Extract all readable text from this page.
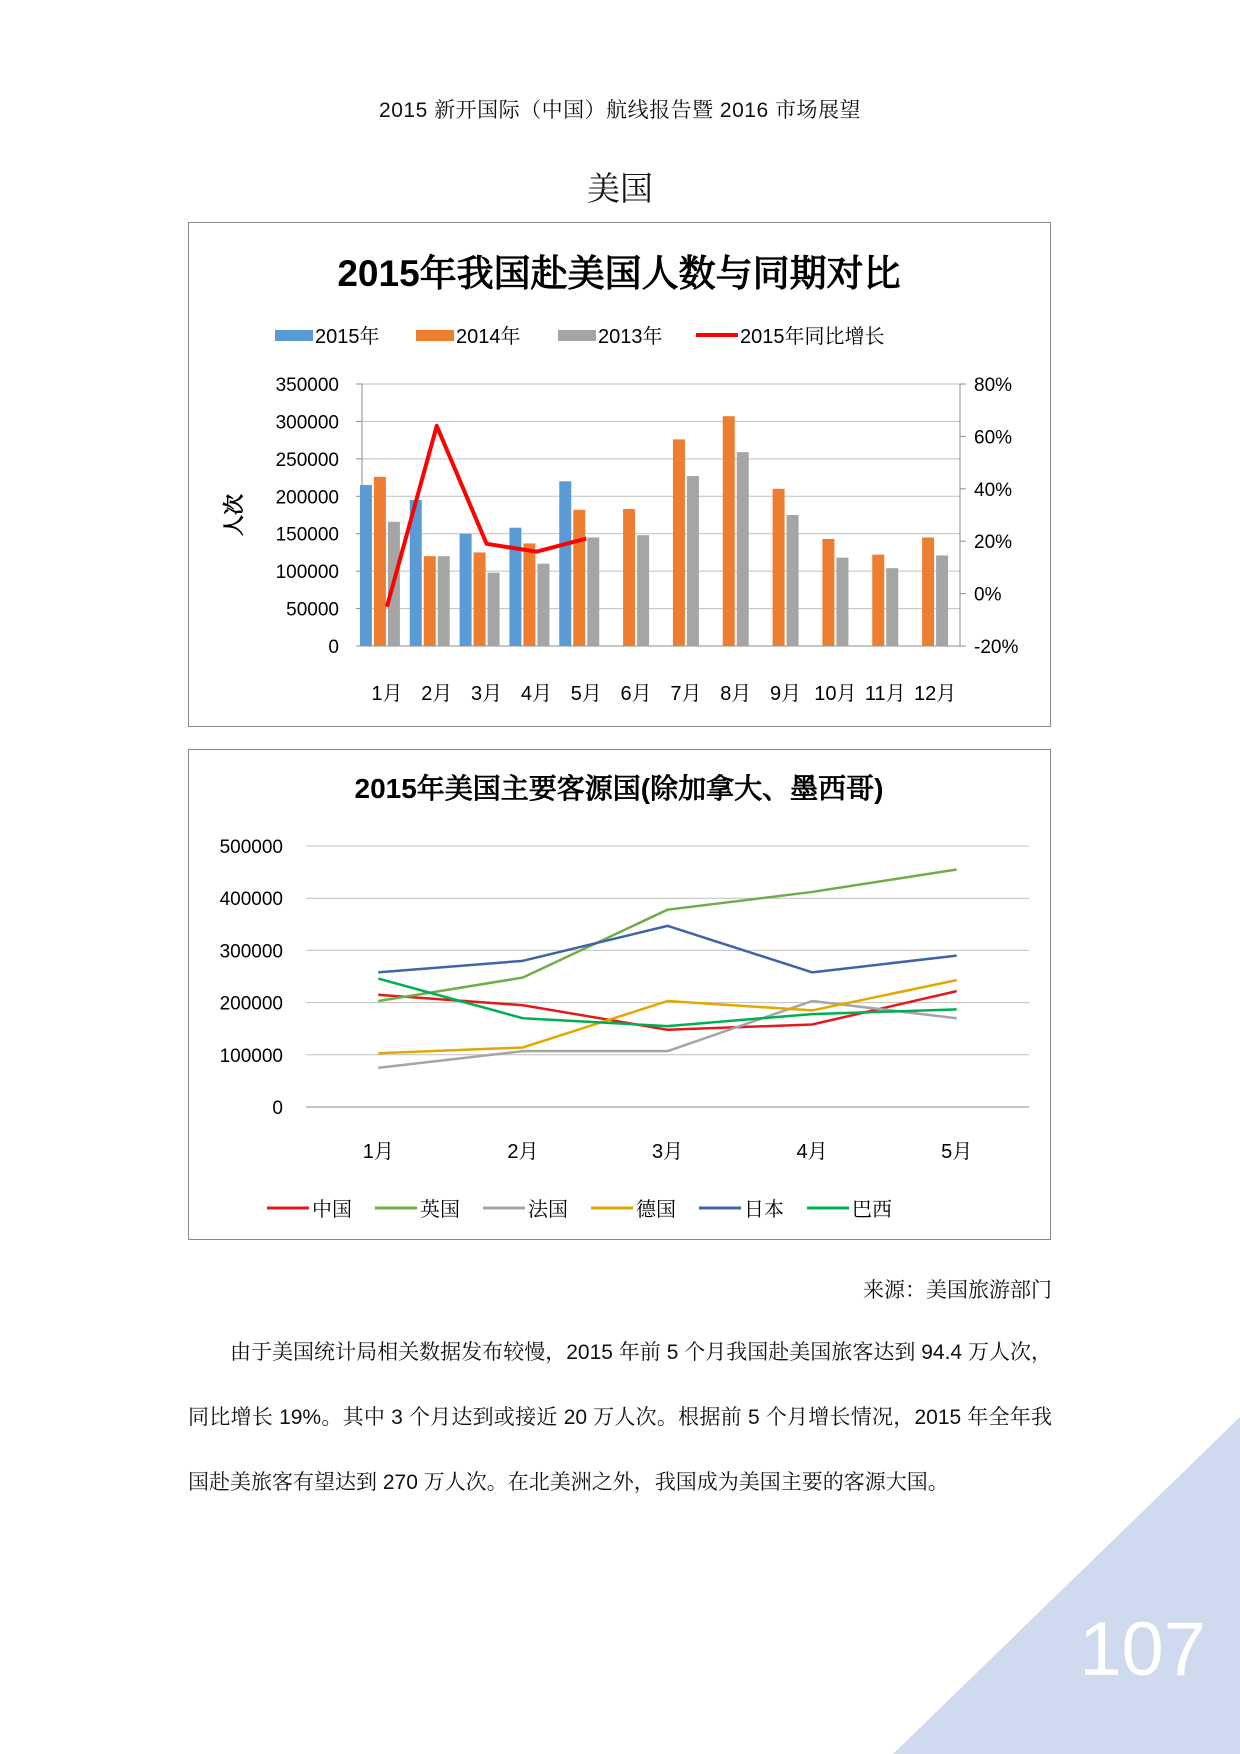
2015 新开国际（中国）航线报告暨 2016 市场展望
美国
2015年我国赴美国人数与同期对比
0
50000
100000
150000
200000
250000
300000
350000
-20%
0%
20%
40%
60%
80%
人次
1月 2月 3月 4月 5月 6月 7月 8月 9月 10月 11月 12月
2015年	2014年	2013年	2015年同比增长
2015年美国主要客源国(除加拿大、墨西哥)
0
100000
200000
300000
400000
500000
1月	2月	3月	4月	5月
中国	英国	法国	德国	日本	巴西
来源：美国旅游部门

由于美国统计局相关数据发布较慢，2015 年前 5 个月我国赴美国旅客达到 94.4 万人次，同比增长 19%。其中 3 个月达到或接近 20 万人次。根据前 5 个月增长情况，2015 年全年我国赴美旅客有望达到 270 万人次。在北美洲之外，我国成为美国主要的客源大国。

107
